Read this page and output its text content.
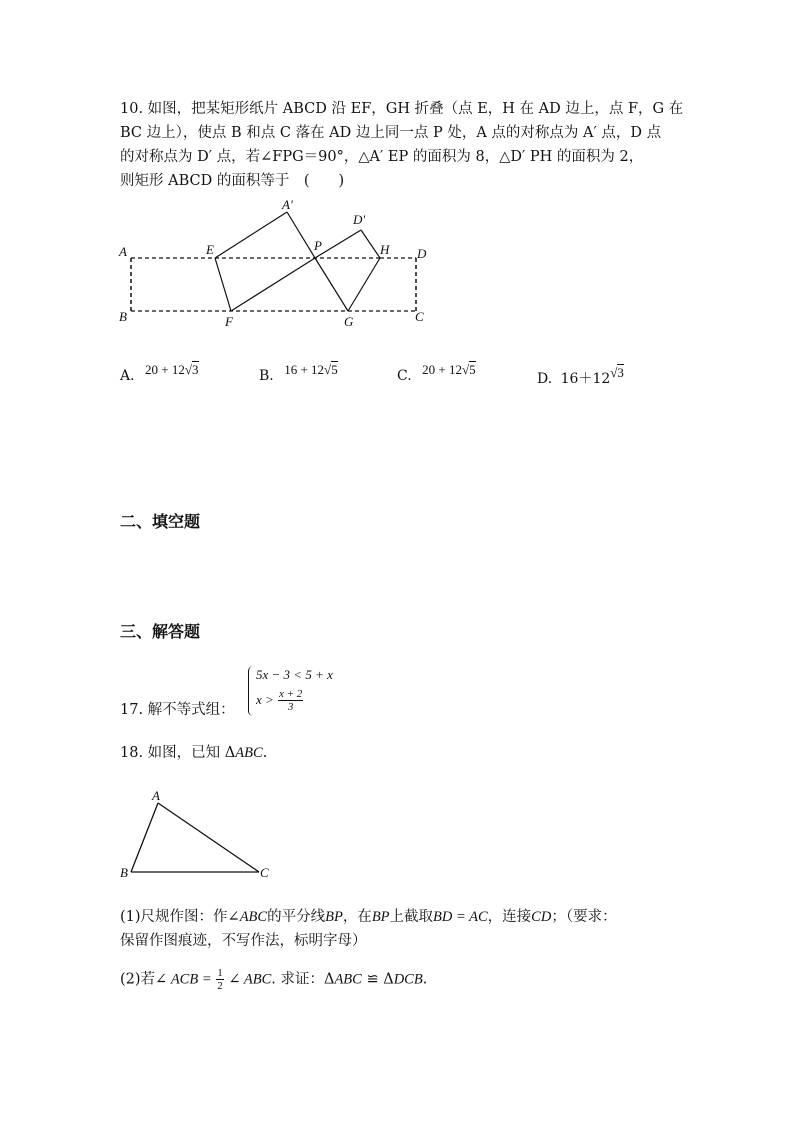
10. 如图，把某矩形纸片 ABCD 沿 EF，GH 折叠（点 E，H 在 AD 边上，点 F，G 在
BC 边上），使点 B 和点 C 落在 AD 边上同一点 P 处，A 点的对称点为 A′ 点，D 点
的对称点为 D′ 点，若∠FPG＝90°，△A′ EP 的面积为 8，△D′ PH 的面积为 2，
则矩形 ABCD 的面积等于　(　　)
A
B	C
D
E
F	G
H
P
A′
D′
A. 20 + 12√3	B. 16 + 12√5	C. 20 + 12√5
D. 16＋12√3
二、填空题
三、解答题
17. 解不等式组：
5x − 3 < 5 + x
$x > \frac{x + 2}{3}$
18. 如图，已知 ΔABC.
A
B	C
(1)尺规作图：作∠ABC的平分线BP，在BP上截取BD = AC，连接CD；（要求：
保留作图痕迹，不写作法，标明字母）
(2)若∠ ACB = $\frac{1}{2}$ ∠ ABC. 求证：ΔABC ≌ ΔDCB.
